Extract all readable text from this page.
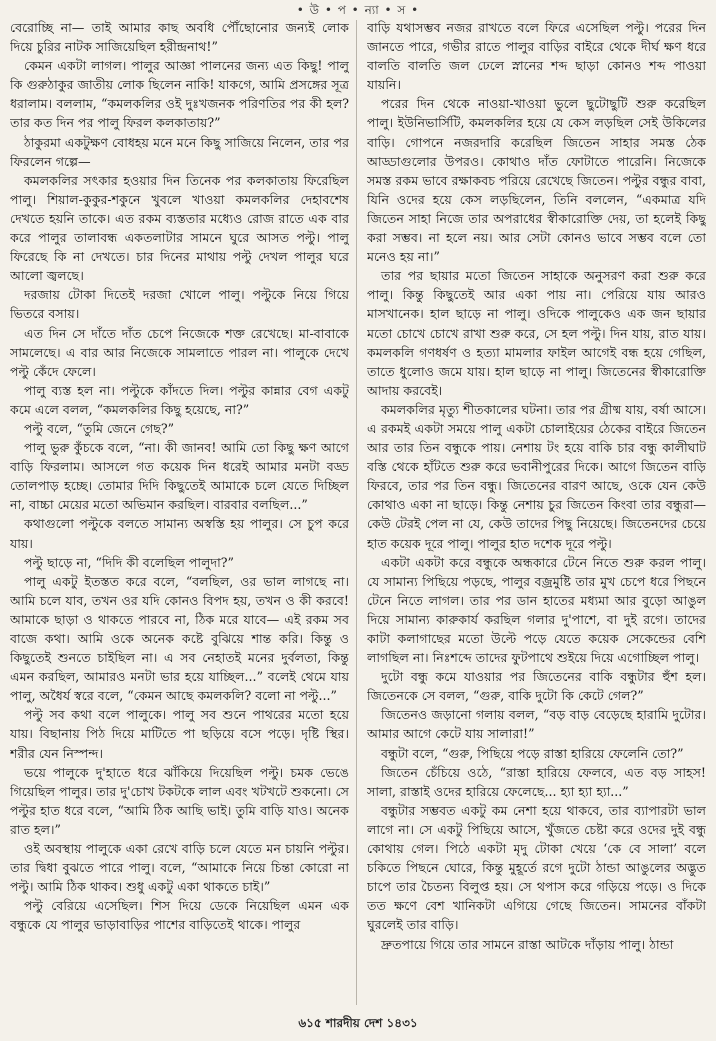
• উ • প • ন্যা • স •

বেরোচ্ছি না— তাই আমার কাছ অবধি পৌঁছোনোর জন্যই লোক দিয়ে চুরির নাটক সাজিয়েছিল হরীন্দ্রনাথ!”

কেমন একটা লাগল। পালুর আজ্ঞা পালনের জন্য এত কিছু! পালু কি গুরুঠাকুর জাতীয় লোক ছিলেন নাকি! যাকগে, আমি প্রসঙ্গের সূত্র ধরালাম। বললাম, “কমলকলির ওই দুঃখজনক পরিণতির পর কী হল? তার কত দিন পর পালু ফিরল কলকাতায়?”

ঠাকুরমা একটুক্ষণ বোধহয় মনে মনে কিছু সাজিয়ে নিলেন, তার পর ফিরলেন গল্পে—

কমলকলির সৎকার হওয়ার দিন তিনেক পর কলকাতায় ফিরেছিল পালু। শিয়াল-কুকুর-শকুনে খুবলে খাওয়া কমলকলির দেহাবশেষ দেখতে হয়নি তাকে। এত রকম ব্যস্ততার মধ্যেও রোজ রাতে এক বার করে পালুর তালাবন্ধ একতলাটার সামনে ঘুরে আসত পল্টু। পালু ফিরেছে কি না দেখতে। চার দিনের মাথায় পল্টু দেখল পালুর ঘরে আলো জ্বলছে।

দরজায় টোকা দিতেই দরজা খোলে পালু। পল্টুকে নিয়ে গিয়ে ভিতরে বসায়।

এত দিন সে দাঁতে দাঁত চেপে নিজেকে শক্ত রেখেছে। মা-বাবাকে সামলেছে। এ বার আর নিজেকে সামলাতে পারল না। পালুকে দেখে পল্টু কেঁদে ফেলে।

পালু ব্যস্ত হল না। পল্টুকে কাঁদতে দিল। পল্টুর কান্নার বেগ একটু কমে এলে বলল, “কমলকলির কিছু হয়েছে, না?”

পল্টু বলে, “তুমি জেনে গেছ?”

পালু ভুরু কুঁচকে বলে, “না। কী জানব! আমি তো কিছু ক্ষণ আগে বাড়ি ফিরলাম। আসলে গত কয়েক দিন ধরেই আমার মনটা বড্ড তোলপাড় হচ্ছে। তোমার দিদি কিছুতেই আমাকে চলে যেতে দিচ্ছিল না, বাচ্চা মেয়ের মতো অভিমান করছিল। বারবার বলছিল...”

কথাগুলো পল্টুকে বলতে সামান্য অস্বস্তি হয় পালুর। সে চুপ করে যায়।

পল্টু ছাড়ে না, “দিদি কী বলেছিল পালুদা?”

পালু একটু ইতস্তত করে বলে, “বলছিল, ওর ভাল লাগছে না। আমি চলে যাব, তখন ওর যদি কোনও বিপদ হয়, তখন ও কী করবে! আমাকে ছাড়া ও থাকতে পারবে না, ঠিক মরে যাবে— এই রকম সব বাজে কথা। আমি ওকে অনেক কষ্টে বুঝিয়ে শান্ত করি। কিন্তু ও কিছুতেই শুনতে চাইছিল না। এ সব নেহাতই মনের দুর্বলতা, কিন্তু এমন করছিল, আমারও মনটা ভার হয়ে যাচ্ছিল...” বলেই থেমে যায় পালু, অধৈর্য স্বরে বলে, “কেমন আছে কমলকলি? বলো না পল্টু...”

পল্টু সব কথা বলে পালুকে। পালু সব শুনে পাথরের মতো হয়ে যায়। বিছানায় পিঠ দিয়ে মাটিতে পা ছড়িয়ে বসে পড়ে। দৃষ্টি স্থির। শরীর যেন নিস্পন্দ।

ভয়ে পালুকে দু'হাতে ধরে ঝাঁকিয়ে দিয়েছিল পল্টু। চমক ভেঙে গিয়েছিল পালুর। তার দু'চোখ টকটকে লাল এবং খটখটে শুকনো। সে পল্টুর হাত ধরে বলে, “আমি ঠিক আছি ভাই। তুমি বাড়ি যাও। অনেক রাত হল।”

ওই অবস্থায় পালুকে একা রেখে বাড়ি চলে যেতে মন চায়নি পল্টুর। তার দ্বিধা বুঝতে পারে পালু। বলে, “আমাকে নিয়ে চিন্তা কোরো না পল্টু। আমি ঠিক থাকব। শুধু একটু একা থাকতে চাই।”

পল্টু বেরিয়ে এসেছিল। শিস দিয়ে ডেকে নিয়েছিল এমন এক বন্ধুকে যে পালুর ভাড়াবাড়ির পাশের বাড়িতেই থাকে। পালুর

বাড়ি যথাসম্ভব নজর রাখতে বলে ফিরে এসেছিল পল্টু। পরের দিন জানতে পারে, গভীর রাতে পালুর বাড়ির বাইরে থেকে দীর্ঘ ক্ষণ ধরে বালতি বালতি জল ঢেলে স্নানের শব্দ ছাড়া কোনও শব্দ পাওয়া যায়নি।

পরের দিন থেকে নাওয়া-খাওয়া ভুলে ছুটোছুটি শুরু করেছিল পালু। ইউনিভার্সিটি, কমলকলির হয়ে যে কেস লড়ছিল সেই উকিলের বাড়ি। গোপনে নজরদারি করেছিল জিতেন সাহার সমস্ত ঠেক আড্ডাগুলোর উপরও। কোথাও দাঁত ফোটাতে পারেনি। নিজেকে সমস্ত রকম ভাবে রক্ষাকবচ পরিয়ে রেখেছে জিতেন। পল্টুর বন্ধুর বাবা, যিনি ওদের হয়ে কেস লড়ছিলেন, তিনি বললেন, “একমাত্র যদি জিতেন সাহা নিজে তার অপরাধের স্বীকারোক্তি দেয়, তা হলেই কিছু করা সম্ভব। না হলে নয়। আর সেটা কোনও ভাবে সম্ভব বলে তো মনেও হয় না।”

তার পর ছায়ার মতো জিতেন সাহাকে অনুসরণ করা শুরু করে পালু। কিন্তু কিছুতেই আর একা পায় না। পেরিয়ে যায় আরও মাসখানেক। হাল ছাড়ে না পালু। ওদিকে পালুকেও এক জন ছায়ার মতো চোখে চোখে রাখা শুরু করে, সে হল পল্টু। দিন যায়, রাত যায়। কমলকলি গণধর্ষণ ও হত্যা মামলার ফাইল আগেই বন্ধ হয়ে গেছিল, তাতে ধুলোও জমে যায়। হাল ছাড়ে না পালু। জিতেনের স্বীকারোক্তি আদায় করবেই।

কমলকলির মৃত্যু শীতকালের ঘটনা। তার পর গ্রীষ্ম যায়, বর্ষা আসে। এ রকমই একটা সময়ে পালু একটা চোলাইয়ের ঠেকের বাইরে জিতেন আর তার তিন বন্ধুকে পায়। নেশায় টং হয়ে বাকি চার বন্ধু কালীঘাট বস্তি থেকে হাঁটতে শুরু করে ভবানীপুরের দিকে। আগে জিতেন বাড়ি ফিরবে, তার পর তিন বন্ধু। জিতেনের বারণ আছে, ওকে যেন কেউ কোথাও একা না ছাড়ে। কিন্তু নেশায় চুর জিতেন কিংবা তার বন্ধুরা— কেউ টেরই পেল না যে, কেউ তাদের পিছু নিয়েছে। জিতেনদের চেয়ে হাত কয়েক দূরে পালু। পালুর হাত দশেক দূরে পল্টু।

একটা একটা করে বন্ধুকে অন্ধকারে টেনে নিতে শুরু করল পালু। যে সামান্য পিছিয়ে পড়ছে, পালুর বজ্রমুষ্টি তার মুখ চেপে ধরে পিছনে টেনে নিতে লাগল। তার পর ডান হাতের মধ্যমা আর বুড়ো আঙুল দিয়ে সামান্য কারুকার্য করছিল গলার দু'পাশে, বা দুই রগে। তাদের কাটা কলাগাছের মতো উল্টে পড়ে যেতে কয়েক সেকেন্ডের বেশি লাগছিল না। নিঃশব্দে তাদের ফুটপাথে শুইয়ে দিয়ে এগোচ্ছিল পালু।

দুটো বন্ধু কমে যাওয়ার পর জিতেনের বাকি বন্ধুটার হুঁশ হল। জিতেনকে সে বলল, “গুরু, বাকি দুটো কি কেটে গেল?”

জিতেনও জড়ানো গলায় বলল, “বড় বাড় বেড়েছে হারামি দুটোর। আমার আগে কেটে যায় সালারা!”

বন্ধুটা বলে, “গুরু, পিছিয়ে পড়ে রাস্তা হারিয়ে ফেলেনি তো?”

জিতেন চেঁচিয়ে ওঠে, “রাস্তা হারিয়ে ফেলবে, এত বড় সাহস! সালা, রাস্তাই ওদের হারিয়ে ফেলেছে... হ্যা হ্যা হ্যা...”

বন্ধুটার সম্ভবত একটু কম নেশা হয়ে থাকবে, তার ব্যাপারটা ভাল লাগে না। সে একটু পিছিয়ে আসে, খুঁজতে চেষ্টা করে ওদের দুই বন্ধু কোথায় গেল। পিঠে একটা মৃদু টোকা খেয়ে ‘কে বে সালা’ বলে চকিতে পিছনে ঘোরে, কিন্তু মুহূর্তে রগে দুটো ঠান্ডা আঙুলের অদ্ভুত চাপে তার চৈতন্য বিলুপ্ত হয়। সে থপাস করে গড়িয়ে পড়ে। ও দিকে তত ক্ষণে বেশ খানিকটা এগিয়ে গেছে জিতেন। সামনের বাঁকটা ঘুরলেই তার বাড়ি।

দ্রুতপায়ে গিয়ে তার সামনে রাস্তা আটকে দাঁড়ায় পালু। ঠান্ডা

৬১৫ শারদীয় দেশ ১৪৩১
